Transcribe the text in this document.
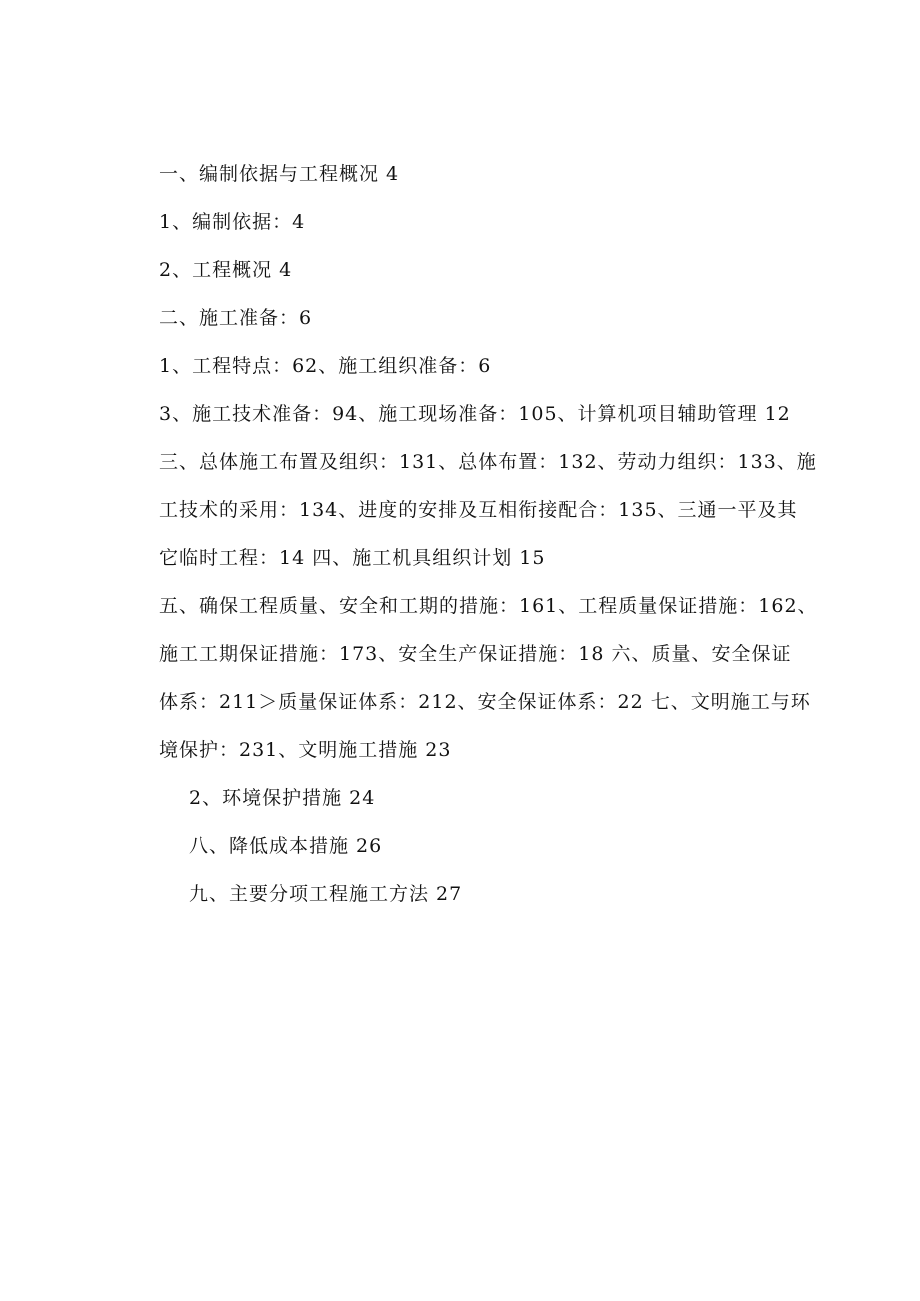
一、编制依据与工程概况 4
1、编制依据：4
2、工程概况 4
二、施工准备：6
1、工程特点：62、施工组织准备：6
3、施工技术准备：94、施工现场准备：105、计算机项目辅助管理 12
三、总体施工布置及组织：131、总体布置：132、劳动力组织：133、施
工技术的采用：134、进度的安排及互相衔接配合：135、三通一平及其
它临时工程：14 四、施工机具组织计划 15
五、确保工程质量、安全和工期的措施：161、工程质量保证措施：162、
施工工期保证措施：173、安全生产保证措施：18 六、质量、安全保证
体系：211＞质量保证体系：212、安全保证体系：22 七、文明施工与环
境保护：231、文明施工措施 23
2、环境保护措施 24
八、降低成本措施 26
九、主要分项工程施工方法 27
